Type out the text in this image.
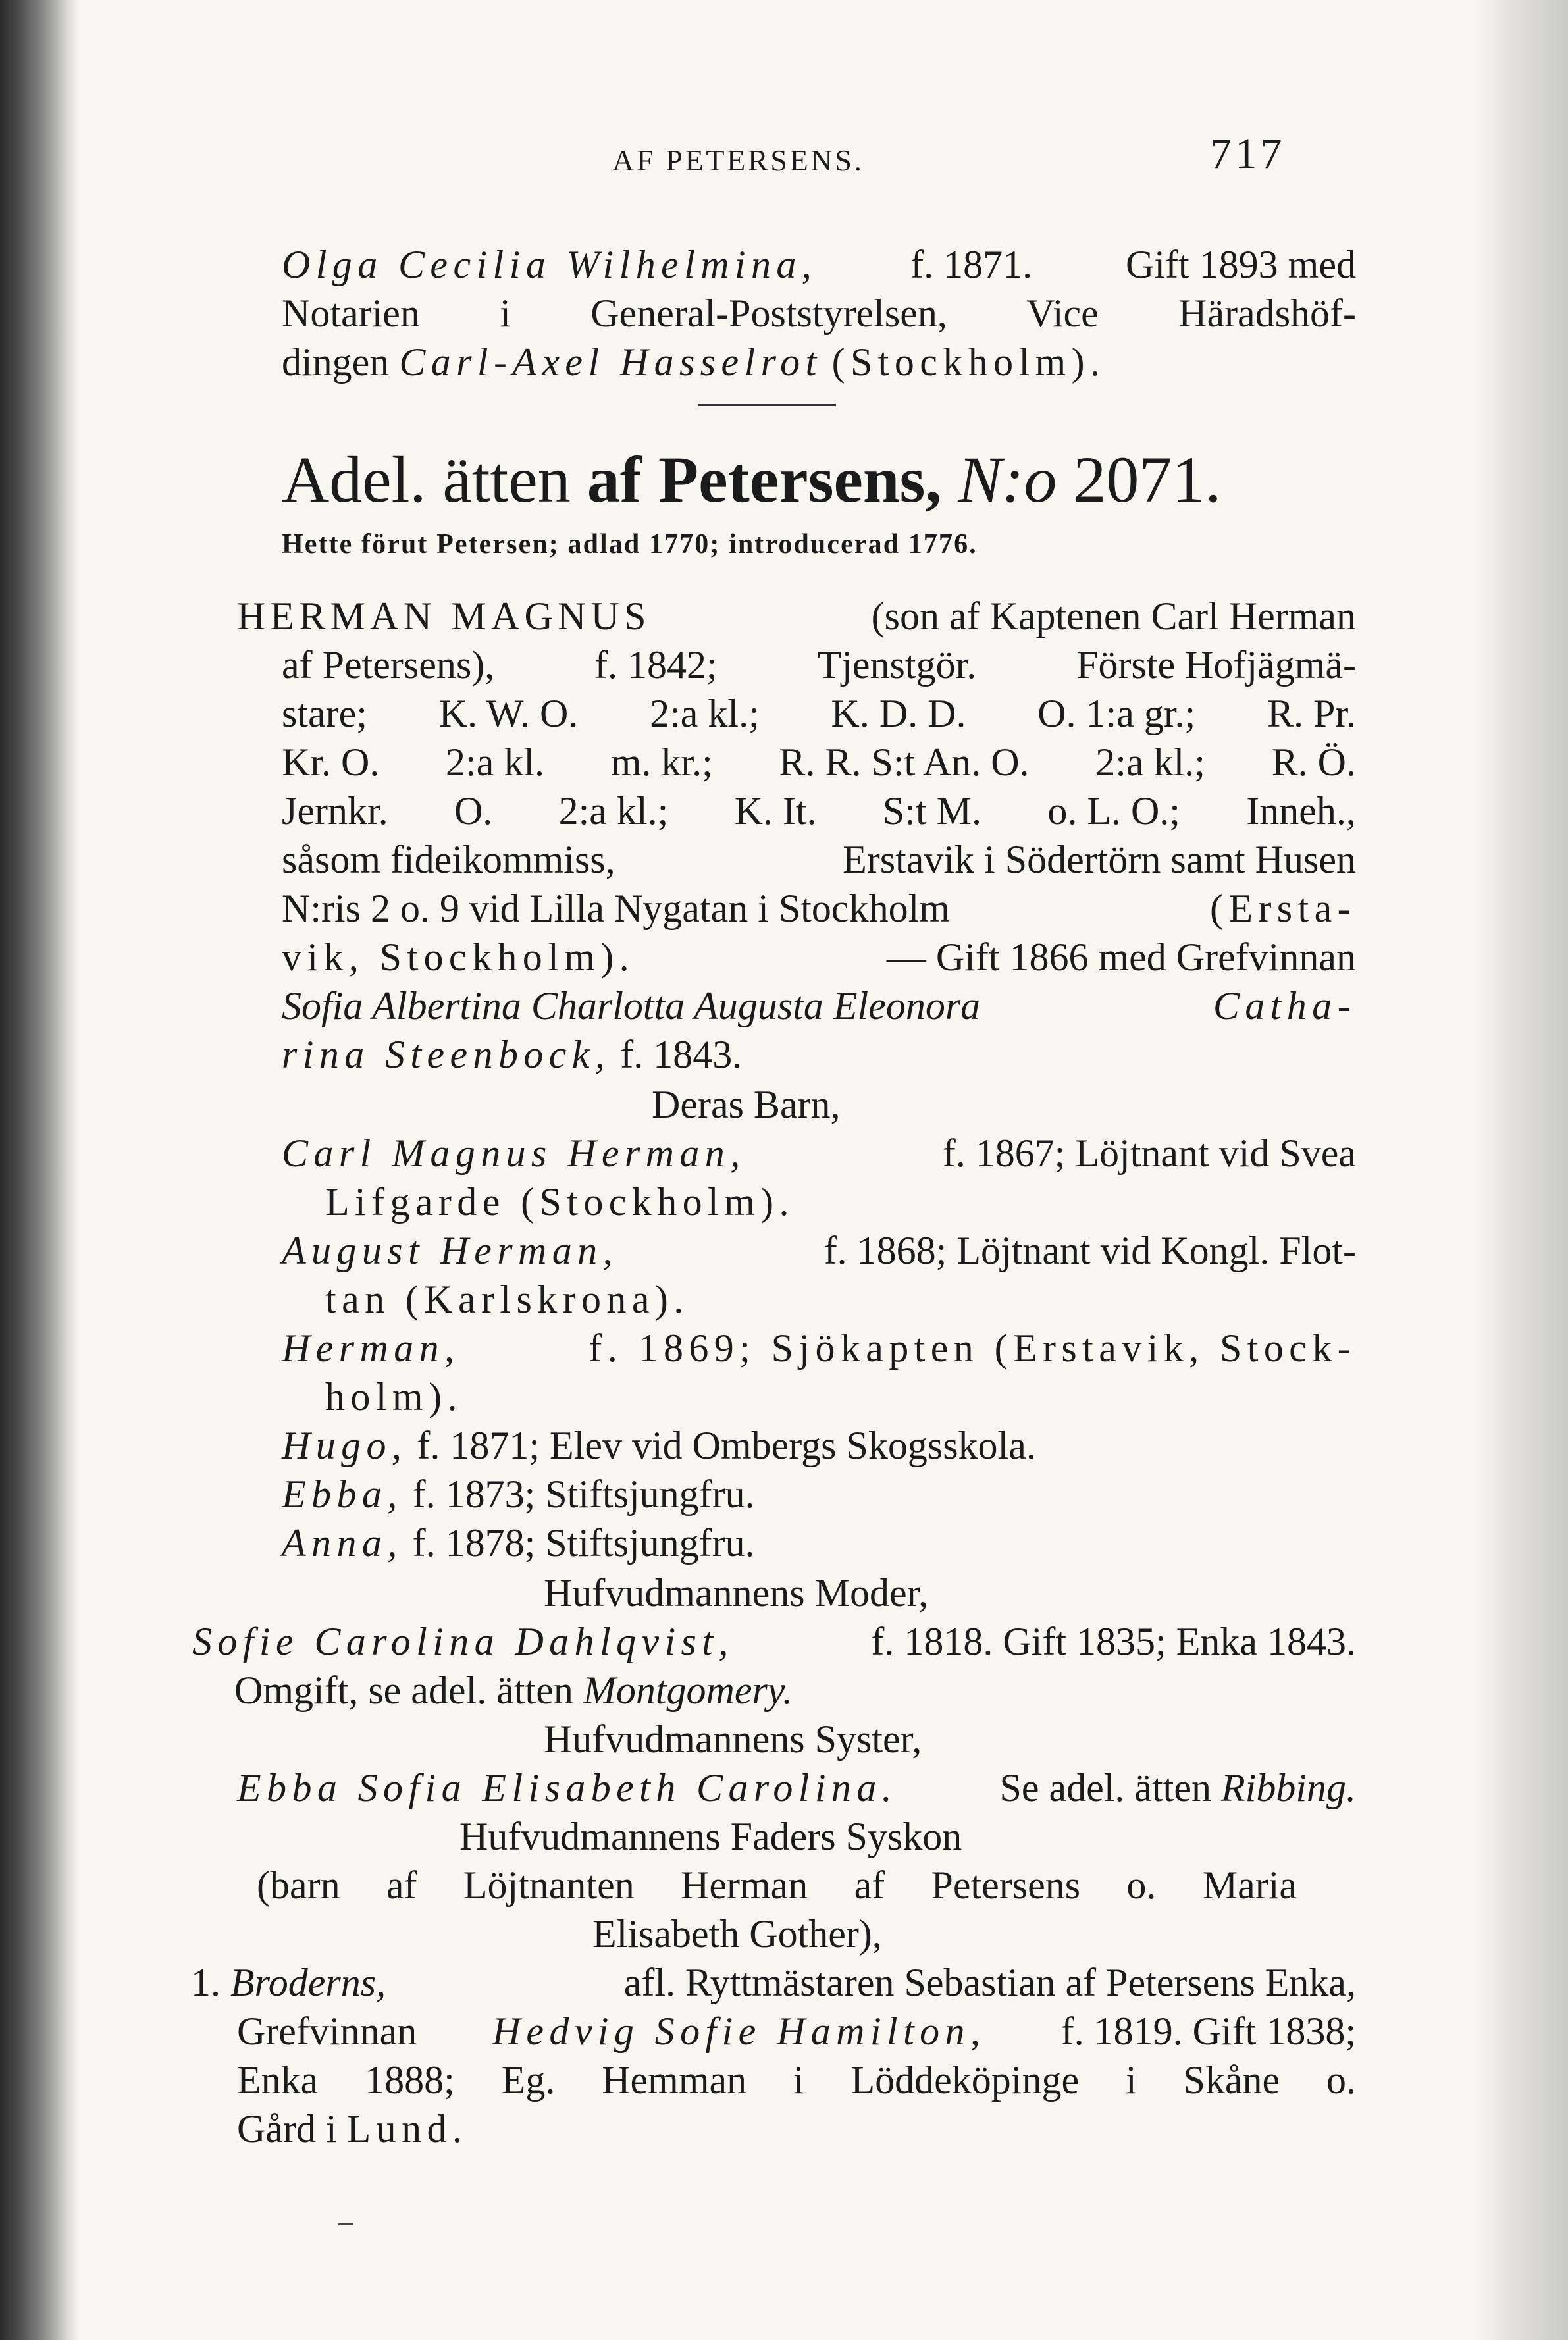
AF PETERSENS.	717
Olga Cecilia Wilhelmina, f. 1871. Gift 1893 med
Notarien i General-Poststyrelsen, Vice Häradshöf-
dingen Carl-Axel Hasselrot (Stockholm).
Adel. ätten af Petersens, N:o 2071.
Hette förut Petersen; adlad 1770; introducerad 1776.
HERMAN MAGNUS	(son af Kaptenen Carl Herman
af Petersens),	f. 1842;	Tjenstgör.	Förste Hofjägmä-
stare; K. W. O. 2:a kl.; K. D. D. O. 1:a gr.; R. Pr.
Kr. O. 2:a kl. m. kr.; R. R. S:t An. O. 2:a kl.; R. Ö.
Jernkr. O. 2:a kl.; K. It. S:t M. o. L. O.; Inneh.,
såsom fideikommiss,	Erstavik i Södertörn samt Husen
N:ris 2 o. 9 vid Lilla Nygatan i Stockholm	(Ersta-
vik, Stockholm).	— Gift 1866 med Grefvinnan
Sofia Albertina Charlotta Augusta Eleonora	Catha-
rina Steenbock, f. 1843.
Deras Barn,
Carl Magnus Herman,	f. 1867; Löjtnant vid Svea
Lifgarde (Stockholm).
August Herman,	f. 1868; Löjtnant vid Kongl. Flot-
tan (Karlskrona).
Herman,	f. 1869; Sjökapten (Erstavik, Stock-
holm).
Hugo, f. 1871; Elev vid Ombergs Skogsskola.
Ebba, f. 1873; Stiftsjungfru.
Anna, f. 1878; Stiftsjungfru.
Hufvudmannens Moder,
Sofie Carolina Dahlqvist,	f. 1818. Gift 1835; Enka 1843.
Omgift, se adel. ätten Montgomery.
Hufvudmannens Syster,
Ebba Sofia Elisabeth Carolina.	Se adel. ätten Ribbing.
Hufvudmannens Faders Syskon
(barn af Löjtnanten Herman af Petersens o. Maria
Elisabeth Gother),
1. Broderns,	afl. Ryttmästaren Sebastian af Petersens Enka,
Grefvinnan Hedvig Sofie Hamilton, f. 1819. Gift 1838;
Enka 1888; Eg. Hemman i Löddeköpinge i Skåne o.
Gård i Lund.
